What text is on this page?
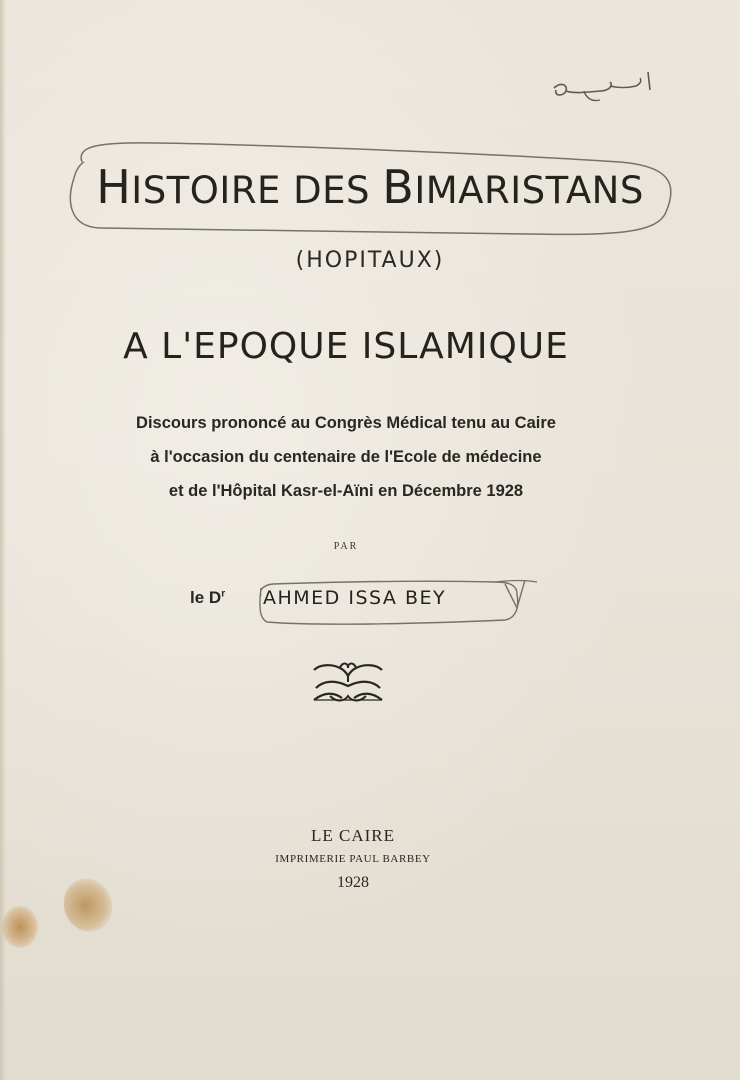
HISTOIRE DES BIMARISTANS
(HOPITAUX)
A L'EPOQUE ISLAMIQUE
Discours prononcé au Congrès Médical tenu au Caire
à l'occasion du centenaire de l'Ecole de médecine
et de l'Hôpital Kasr-el-Aïni en Décembre 1928
PAR
le $D^r$ AHMED ISSA BEY
LE CAIRE
IMPRIMERIE PAUL BARBEY
1928
